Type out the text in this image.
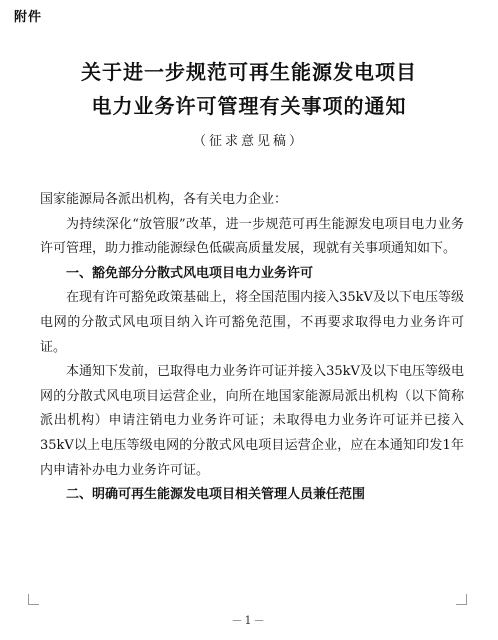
附件
关于进一步规范可再生能源发电项目
电力业务许可管理有关事项的通知
（征求意见稿）

国家能源局各派出机构，各有关电力企业：

为持续深化“放管服”改革，进一步规范可再生能源发电项目电力业务许可管理，助力推动能源绿色低碳高质量发展，现就有关事项通知如下。

一、豁免部分分散式风电项目电力业务许可

在现有许可豁免政策基础上，将全国范围内接入35kV及以下电压等级电网的分散式风电项目纳入许可豁免范围，不再要求取得电力业务许可证。

本通知下发前，已取得电力业务许可证并接入35kV及以下电压等级电网的分散式风电项目运营企业，向所在地国家能源局派出机构（以下简称派出机构）申请注销电力业务许可证；未取得电力业务许可证并已接入35kV以上电压等级电网的分散式风电项目运营企业，应在本通知印发1年内申请补办电力业务许可证。

二、明确可再生能源发电项目相关管理人员兼任范围

－1－
